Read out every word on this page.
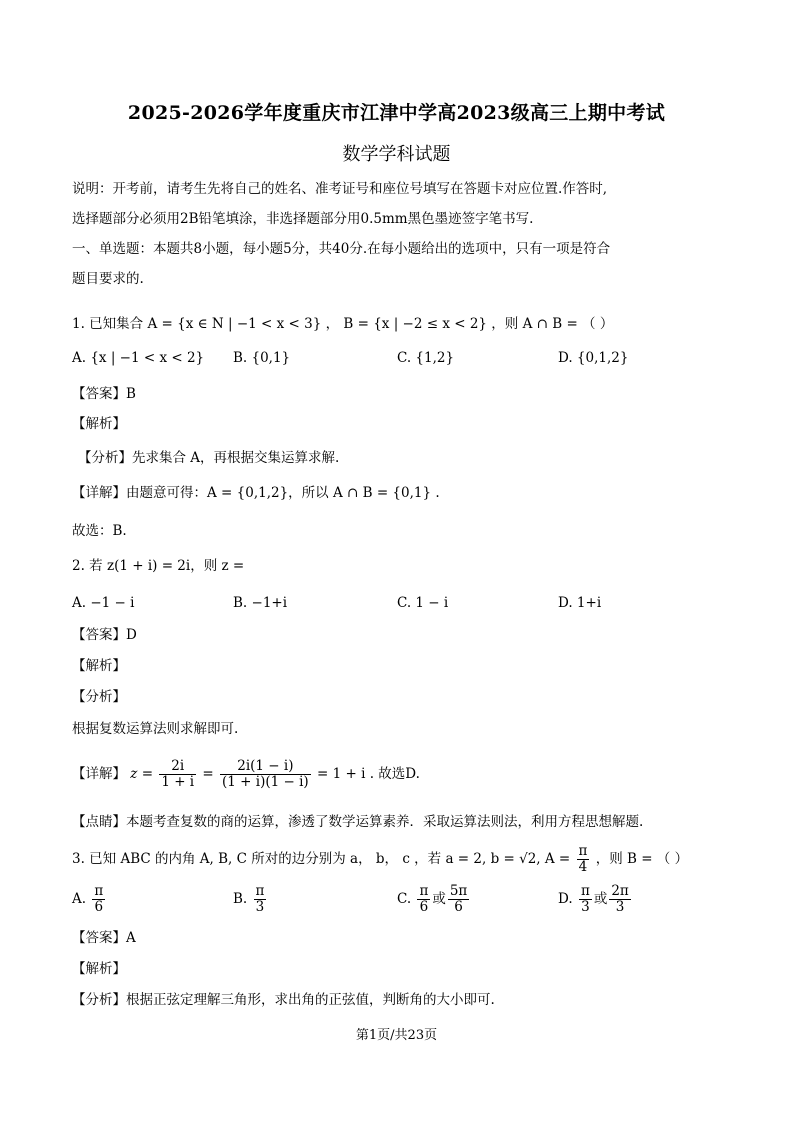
2025-2026学年度重庆市江津中学高2023级高三上期中考试
数学学科试题
说明：开考前，请考生先将自己的姓名、准考证号和座位号填写在答题卡对应位置.作答时,
选择题部分必须用2B铅笔填涂，非选择题部分用0.5mm黑色墨迹签字笔书写.
一、单选题：本题共8小题，每小题5分，共40分.在每小题给出的选项中，只有一项是符合
题目要求的.
1. 已知集合 A = {x ∈ N | −1 < x < 3} ， B = {x | −2 ≤ x < 2} ，则 A ∩ B = （ ）
A. {x | −1 < x < 2} B. {0,1}	C. {1,2}	D. {0,1,2}
【答案】B
【解析】
【分析】先求集合 A，再根据交集运算求解.
【详解】由题意可得：A = {0,1,2}，所以 A ∩ B = {0,1} .
故选：B.
2. 若 z(1 + i) = 2i，则 z =
A. −1 − i	B. −1+i	C. 1 − i	D. 1+i
【答案】D
【解析】
【分析】
根据复数运算法则求解即可.
【详解】 $z = \frac{2i}{1 + i} = \frac{2i(1 - i)}{(1 + i)(1 - i)} = 1 + i$ . 故选D.
【点睛】本题考查复数的商的运算，渗透了数学运算素养．采取运算法则法，利用方程思想解题.
3. 已知 ABC 的内角 A, B, C 所对的边分别为 a， b， c ，若 a = 2, b = √2, $A = \frac{\pi}{4}$ ，则 B = （ ）
A. $\frac{\pi}{6}$	B. $\frac{\pi}{3}$	C. $\frac{\pi}{6}$ 或 $\frac{5\pi}{6}$	D. $\frac{\pi}{3}$ 或 $\frac{2\pi}{3}$
【答案】A
【解析】
【分析】根据正弦定理解三角形，求出角的正弦值，判断角的大小即可.
第1页/共23页
